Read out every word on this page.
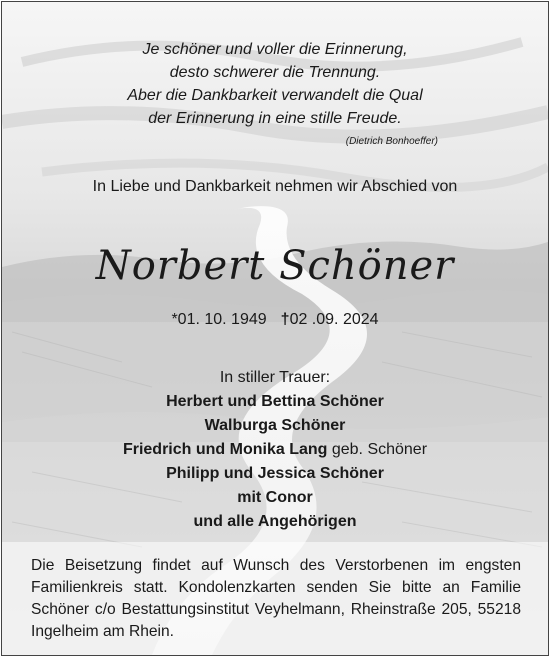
Je schöner und voller die Erinnerung,
desto schwerer die Trennung.
Aber die Dankbarkeit verwandelt die Qual
der Erinnerung in eine stille Freude.
(Dietrich Bonhoeffer)
In Liebe und Dankbarkeit nehmen wir Abschied von
Norbert Schöner
*01. 10. 1949 †02 .09. 2024
In stiller Trauer:
Herbert und Bettina Schöner
Walburga Schöner
Friedrich und Monika Lang geb. Schöner
Philipp und Jessica Schöner
mit Conor
und alle Angehörigen
Die Beisetzung findet auf Wunsch des Verstorbenen im engsten Familienkreis statt. Kondolenzkarten senden Sie bitte an Familie Schöner c/o Bestattungsinstitut Veyhelmann, Rheinstraße 205, 55218 Ingelheim am Rhein.
